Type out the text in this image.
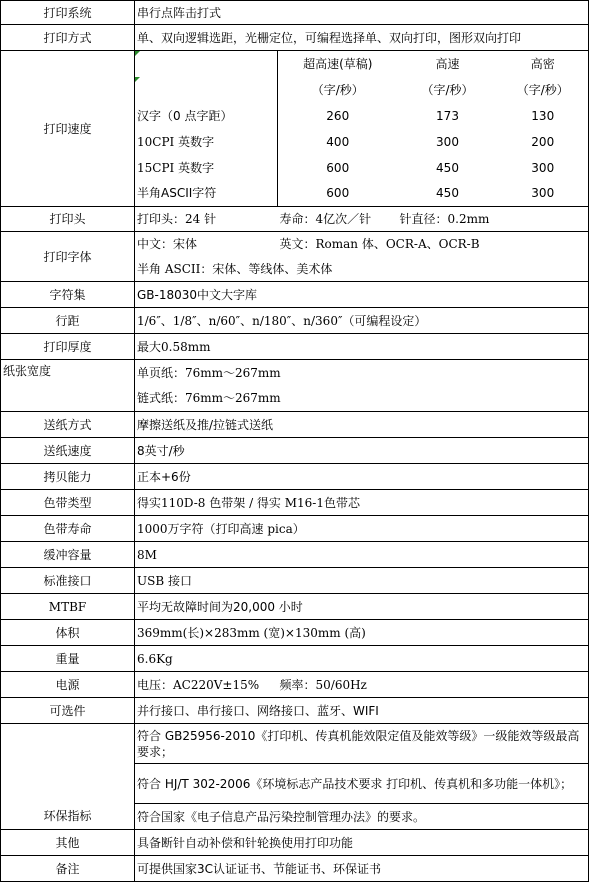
打印系统	串行点阵击打式			
打印方式	单、双向逻辑选距，光栅定位，可编程选择单、双向打印，图形双向打印			
打印速度		超高速(草稿)	高速	高密

		（字/秒）	（字/秒）	（字/秒）
	汉字（0 点字距）	260	173	130
	10CPI 英数字	400	300	200
	15CPI 英数字	600	450	300
	半角ASCII字符	600	450	300
打印头	打印头：24 针	寿命：4亿次／针	针直径：0.2mm	
打印字体	中文：宋体	英文：Roman 体、OCR-A、OCR-B		
	半角 ASCII：宋体、等线体、美术体			
字符集	GB-18030中文大字库			
行距	1/6″、1/8″、n/60″、n/180″、n/360″（可编程设定）			
打印厚度	最大0.58mm			
纸张宽度	单页纸：76mm～267mm			
	链式纸：76mm～267mm			
送纸方式	摩擦送纸及推/拉链式送纸			
送纸速度	8英寸/秒			
拷贝能力	正本+6份			
色带类型	得实110D-8 色带架 / 得实 M16-1色带芯			
色带寿命	1000万字符（打印高速 pica）			
缓冲容量	8M			
标准接口	USB 接口			
MTBF	平均无故障时间为20,000 小时			
体积	369mm(长)×283mm (宽)×130mm (高)			
重量	6.6Kg			
电源	电压：AC220V±15%	频率：50/60Hz		
可选件	并行接口、串行接口、网络接口、蓝牙、WIFI			
环保指标	符合 GB25956-2010《打印机、传真机能效限定值及能效等级》一级能效等级最高要求；			
	符合 HJ/T 302-2006《环境标志产品技术要求 打印机、传真机和多功能一体机》；			
	符合国家《电子信息产品污染控制管理办法》的要求。			
其他	具备断针自动补偿和针轮换使用打印功能			
备注	可提供国家3C认证证书、节能证书、环保证书			
